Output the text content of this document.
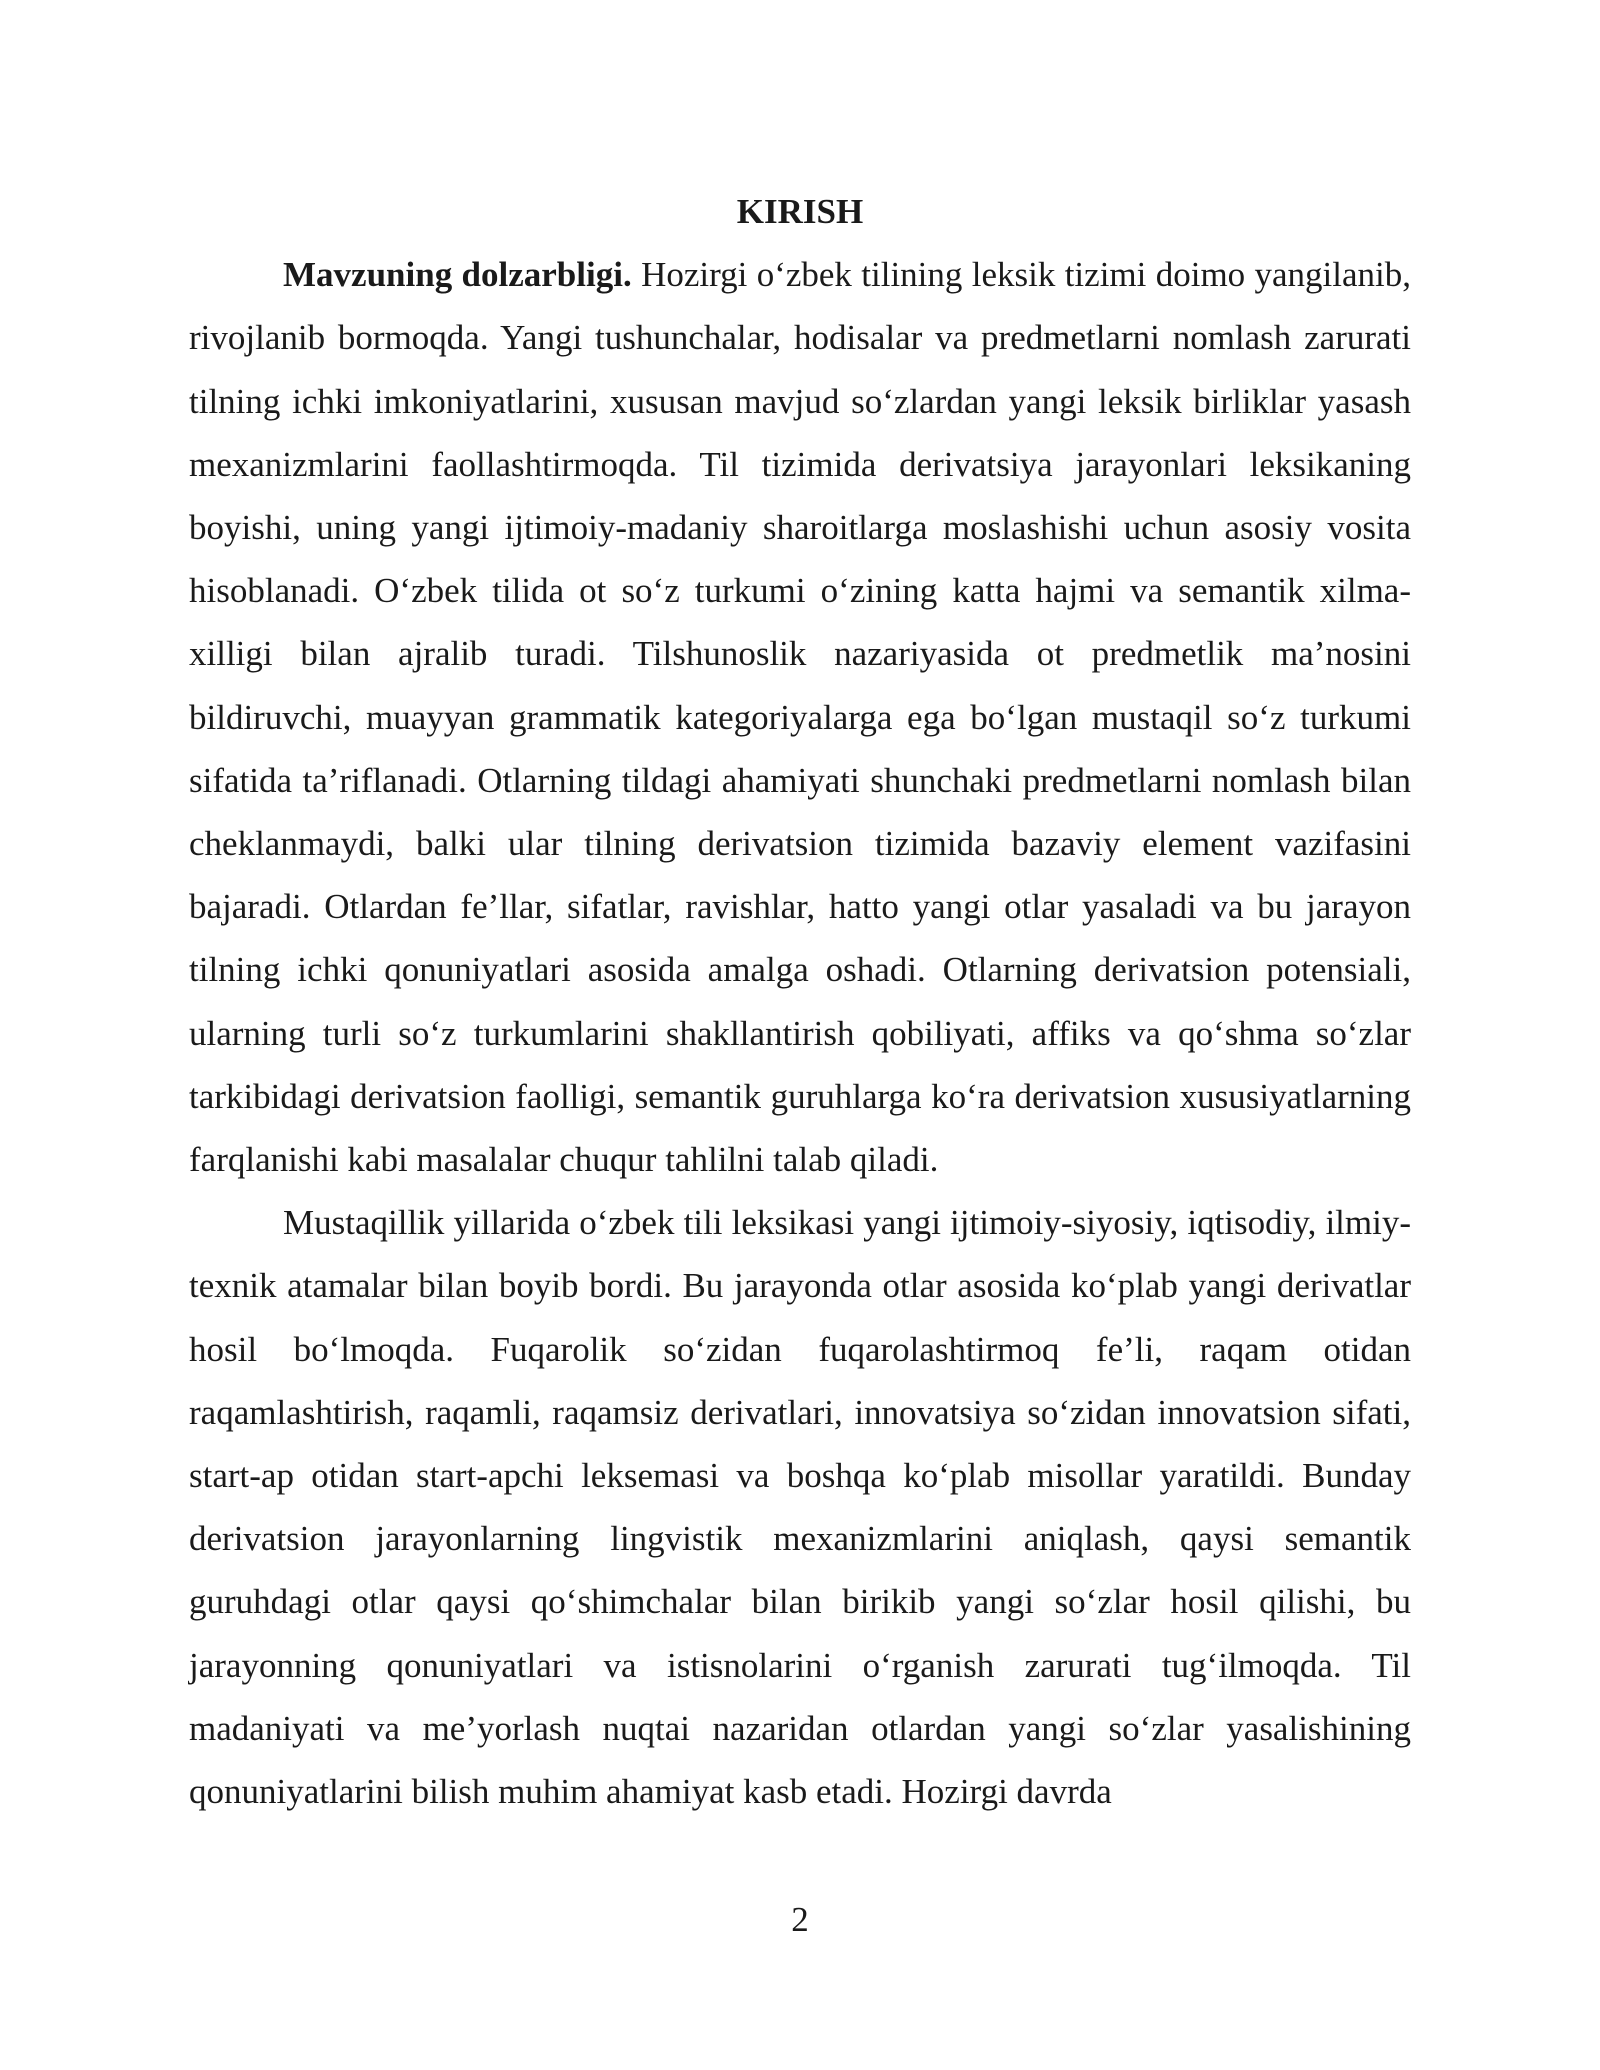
KIRISH

Mavzuning dolzarbligi. Hozirgi o‘zbek tilining leksik tizimi doimo yangilanib, rivojlanib bormoqda. Yangi tushunchalar, hodisalar va predmetlarni nomlash zarurati tilning ichki imkoniyatlarini, xususan mavjud so‘zlardan yangi leksik birliklar yasash mexanizmlarini faollashtirmoqda. Til tizimida derivatsiya jarayonlari leksikaning boyishi, uning yangi ijtimoiy-madaniy sharoitlarga moslashishi uchun asosiy vosita hisoblanadi. O‘zbek tilida ot so‘z turkumi o‘zining katta hajmi va semantik xilma-xilligi bilan ajralib turadi. Tilshunoslik nazariyasida ot predmetlik ma’nosini bildiruvchi, muayyan grammatik kategoriyalarga ega bo‘lgan mustaqil so‘z turkumi sifatida ta’riflanadi. Otlarning tildagi ahamiyati shunchaki predmetlarni nomlash bilan cheklanmaydi, balki ular tilning derivatsion tizimida bazaviy element vazifasini bajaradi. Otlardan fe’llar, sifatlar, ravishlar, hatto yangi otlar yasaladi va bu jarayon tilning ichki qonuniyatlari asosida amalga oshadi. Otlarning derivatsion potensiali, ularning turli so‘z turkumlarini shakllantirish qobiliyati, affiks va qo‘shma so‘zlar tarkibidagi derivatsion faolligi, semantik guruhlarga ko‘ra derivatsion xususiyatlarning farqlanishi kabi masalalar chuqur tahlilni talab qiladi.

Mustaqillik yillarida o‘zbek tili leksikasi yangi ijtimoiy-siyosiy, iqtisodiy, ilmiy-texnik atamalar bilan boyib bordi. Bu jarayonda otlar asosida ko‘plab yangi derivatlar hosil bo‘lmoqda. Fuqarolik so‘zidan fuqarolashtirmoq fe’li, raqam otidan raqamlashtirish, raqamli, raqamsiz derivatlari, innovatsiya so‘zidan innovatsion sifati, start-ap otidan start-apchi leksemasi va boshqa ko‘plab misollar yaratildi. Bunday derivatsion jarayonlarning lingvistik mexanizmlarini aniqlash, qaysi semantik guruhdagi otlar qaysi qo‘shimchalar bilan birikib yangi so‘zlar hosil qilishi, bu jarayonning qonuniyatlari va istisnolarini o‘rganish zarurati tug‘ilmoqda. Til madaniyati va me’yorlash nuqtai nazaridan otlardan yangi so‘zlar yasalishining qonuniyatlarini bilish muhim ahamiyat kasb etadi. Hozirgi davrda

2
